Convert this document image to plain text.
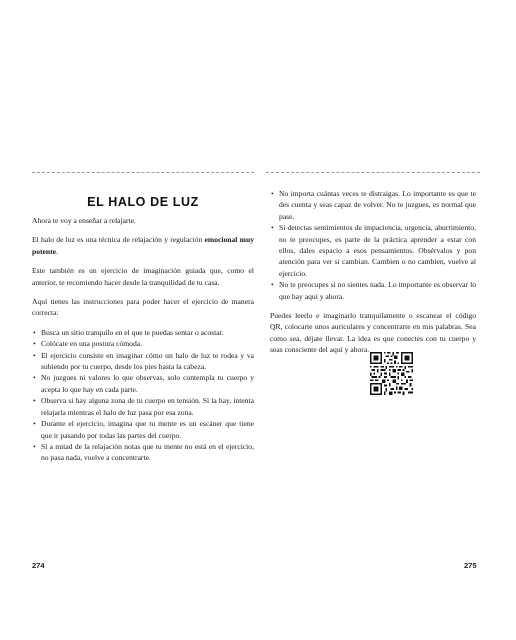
EL HALO DE LUZ

Ahora te voy a enseñar a relajarte.

El halo de luz es una técnica de relajación y regulación emocional muy potente.

Este también es un ejercicio de imaginación guiada que, como el anterior, te recomiendo hacer desde la tranquilidad de tu casa.

Aquí tienes las instrucciones para poder hacer el ejercicio de manera correcta:

• Busca un sitio tranquilo en el que te puedas sentar o acostar.
• Colócate en una postura cómoda.
• El ejercicio consiste en imaginar cómo un halo de luz te rodea y va subiendo por tu cuerpo, desde los pies hasta la cabeza.
• No juzgues ni valores lo que observas, solo contempla tu cuerpo y acepta lo que hay en cada parte.
• Observa si hay alguna zona de tu cuerpo en tensión. Si la hay, intenta relajarla mientras el halo de luz pasa por esa zona.
• Durante el ejercicio, imagina que tu mente es un escáner que tiene que ir pasando por todas las partes del cuerpo.
• Si a mitad de la relajación notas que tu mente no está en el ejercicio, no pasa nada, vuelve a concentrarte.
274
• No importa cuántas veces te distraigas. Lo importante es que te des cuenta y seas capaz de volver. No te juzgues, es normal que pase.
• Si detectas sentimientos de impaciencia, urgencia, aburrimiento, no te preocupes, es parte de la práctica aprender a estar con ellos, dales espacio a esos pensamientos. Obsérvalos y pon atención para ver si cambian. Cambien o no cambien, vuelve al ejercicio.
• No te preocupes si no sientes nada. Lo importante es observar lo que hay aquí y ahora.

Puedes leerlo e imaginarlo tranquilamente o escanear el código QR, colocarte unos auriculares y concentrarte en mis palabras. Sea como sea, déjate llevar. La idea es que conectes con tu cuerpo y seas consciente del aquí y ahora.

275
